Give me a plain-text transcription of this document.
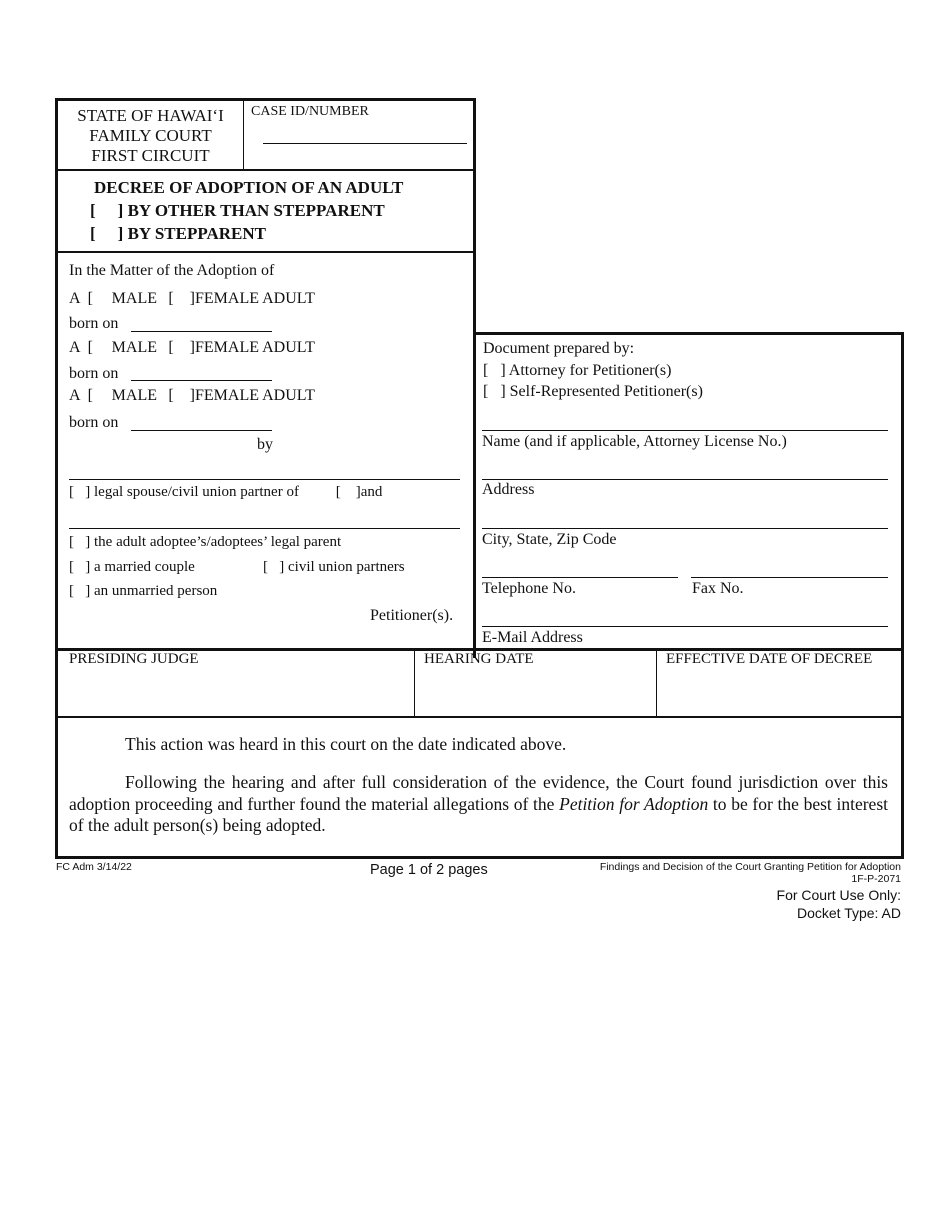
STATE OF HAWAI‘I
FAMILY COURT
FIRST CIRCUIT
CASE ID/NUMBER
DECREE OF ADOPTION OF AN ADULT
[ ] BY OTHER THAN STEPPARENT
[ ] BY STEPPARENT
In the Matter of the Adoption of
A  [ MALE [    ]FEMALE ADULT
born on
A  [ MALE [    ]FEMALE ADULT
born on
A  [ MALE [    ]FEMALE ADULT
born on
by
[   ] legal spouse/civil union partner of [    ]and
[   ] the adult adoptee’s/adoptees’ legal parent
[   ] a married couple	[   ] civil union partners
[   ] an unmarried person
Petitioner(s).
Document prepared by:
[   ] Attorney for Petitioner(s)
[   ] Self-Represented Petitioner(s)
Name (and if applicable, Attorney License No.)
Address
City, State, Zip Code
Telephone No.	Fax No.
E-Mail Address
PRESIDING JUDGE	HEARING DATE	EFFECTIVE DATE OF DECREE
This action was heard in this court on the date indicated above.
Following the hearing and after full consideration of the evidence, the Court found jurisdiction over this adoption proceeding and further found the material allegations of the Petition for Adoption to be for the best interest of the adult person(s) being adopted.
FC Adm 3/14/22	Page 1 of 2 pages	Findings and Decision of the Court Granting Petition for Adoption
1F-P-2071
For Court Use Only:
Docket Type: AD
